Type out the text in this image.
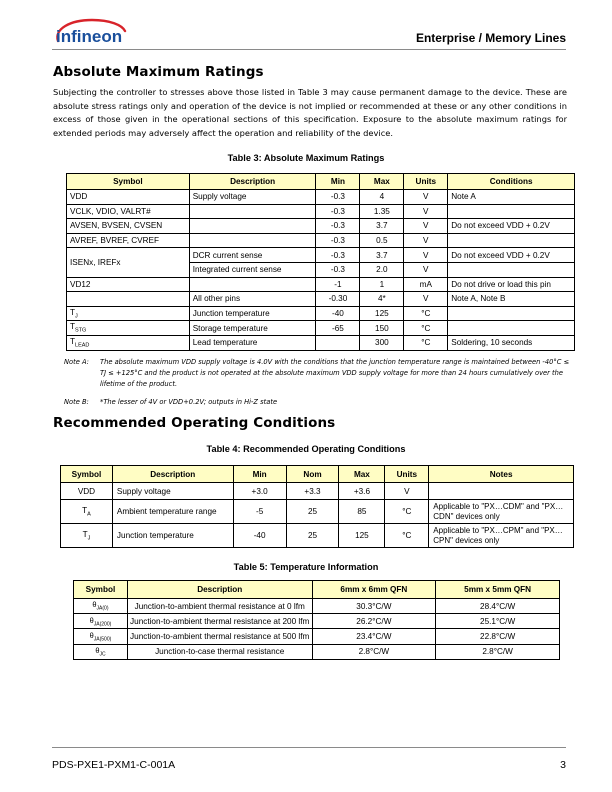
infineon	Enterprise / Memory Lines
Absolute Maximum Ratings
Subjecting the controller to stresses above those listed in Table 3 may cause permanent damage to the device. These are absolute stress ratings only and operation of the device is not implied or recommended at these or any other conditions in excess of those given in the operational sections of this specification. Exposure to the absolute maximum ratings for extended periods may adversely affect the operation and reliability of the device.
Table 3: Absolute Maximum Ratings
Symbol	Description	Min	Max	Units	Conditions
VDD	Supply voltage	-0.3	4	V	Note A
VCLK, VDIO, VALRT#		-0.3	1.35	V	
AVSEN, BVSEN, CVSEN		-0.3	3.7	V	Do not exceed VDD + 0.2V
AVREF, BVREF, CVREF		-0.3	0.5	V	
ISENx, IREFx	DCR current sense	-0.3	3.7	V	Do not exceed VDD + 0.2V
	Integrated current sense	-0.3	2.0	V	
VD12		-1	1	mA	Do not drive or load this pin
	All other pins	-0.30	4*	V	Note A, Note B
$T_J$	Junction temperature	-40	125	°C	
$T_{STG}$	Storage temperature	-65	150	°C	
$T_{LEAD}$	Lead temperature		300	°C	Soldering, 10 seconds
Note A: The absolute maximum VDD supply voltage is 4.0V with the conditions that the junction temperature range is maintained between -40°C ≤ TJ ≤ +125°C and the product is not operated at the absolute maximum VDD supply voltage for more than 24 hours cumulatively over the lifetime of the product.
Note B: *The lesser of 4V or VDD+0.2V; outputs in Hi-Z state
Recommended Operating Conditions
Table 4: Recommended Operating Conditions
Symbol	Description	Min	Nom	Max	Units	Notes
VDD	Supply voltage	+3.0	+3.3	+3.6	V	
$T_A$	Ambient temperature range	-5	25	85	°C	Applicable to "PX…CDM" and "PX…CDN" devices only
$T_J$	Junction temperature	-40	25	125	°C	Applicable to "PX…CPM" and "PX…CPN" devices only
Table 5: Temperature Information
Symbol	Description	6mm x 6mm QFN	5mm x 5mm QFN
$\theta_{JA(0)}$	Junction-to-ambient thermal resistance at 0 lfm	30.3°C/W	28.4°C/W
$\theta_{JA(200)}$	Junction-to-ambient thermal resistance at 200 lfm	26.2°C/W	25.1°C/W
$\theta_{JA(500)}$	Junction-to-ambient thermal resistance at 500 lfm	23.4°C/W	22.8°C/W
$\theta_{JC}$	Junction-to-case thermal resistance	2.8°C/W	2.8°C/W
PDS-PXE1-PXM1-C-001A	3
